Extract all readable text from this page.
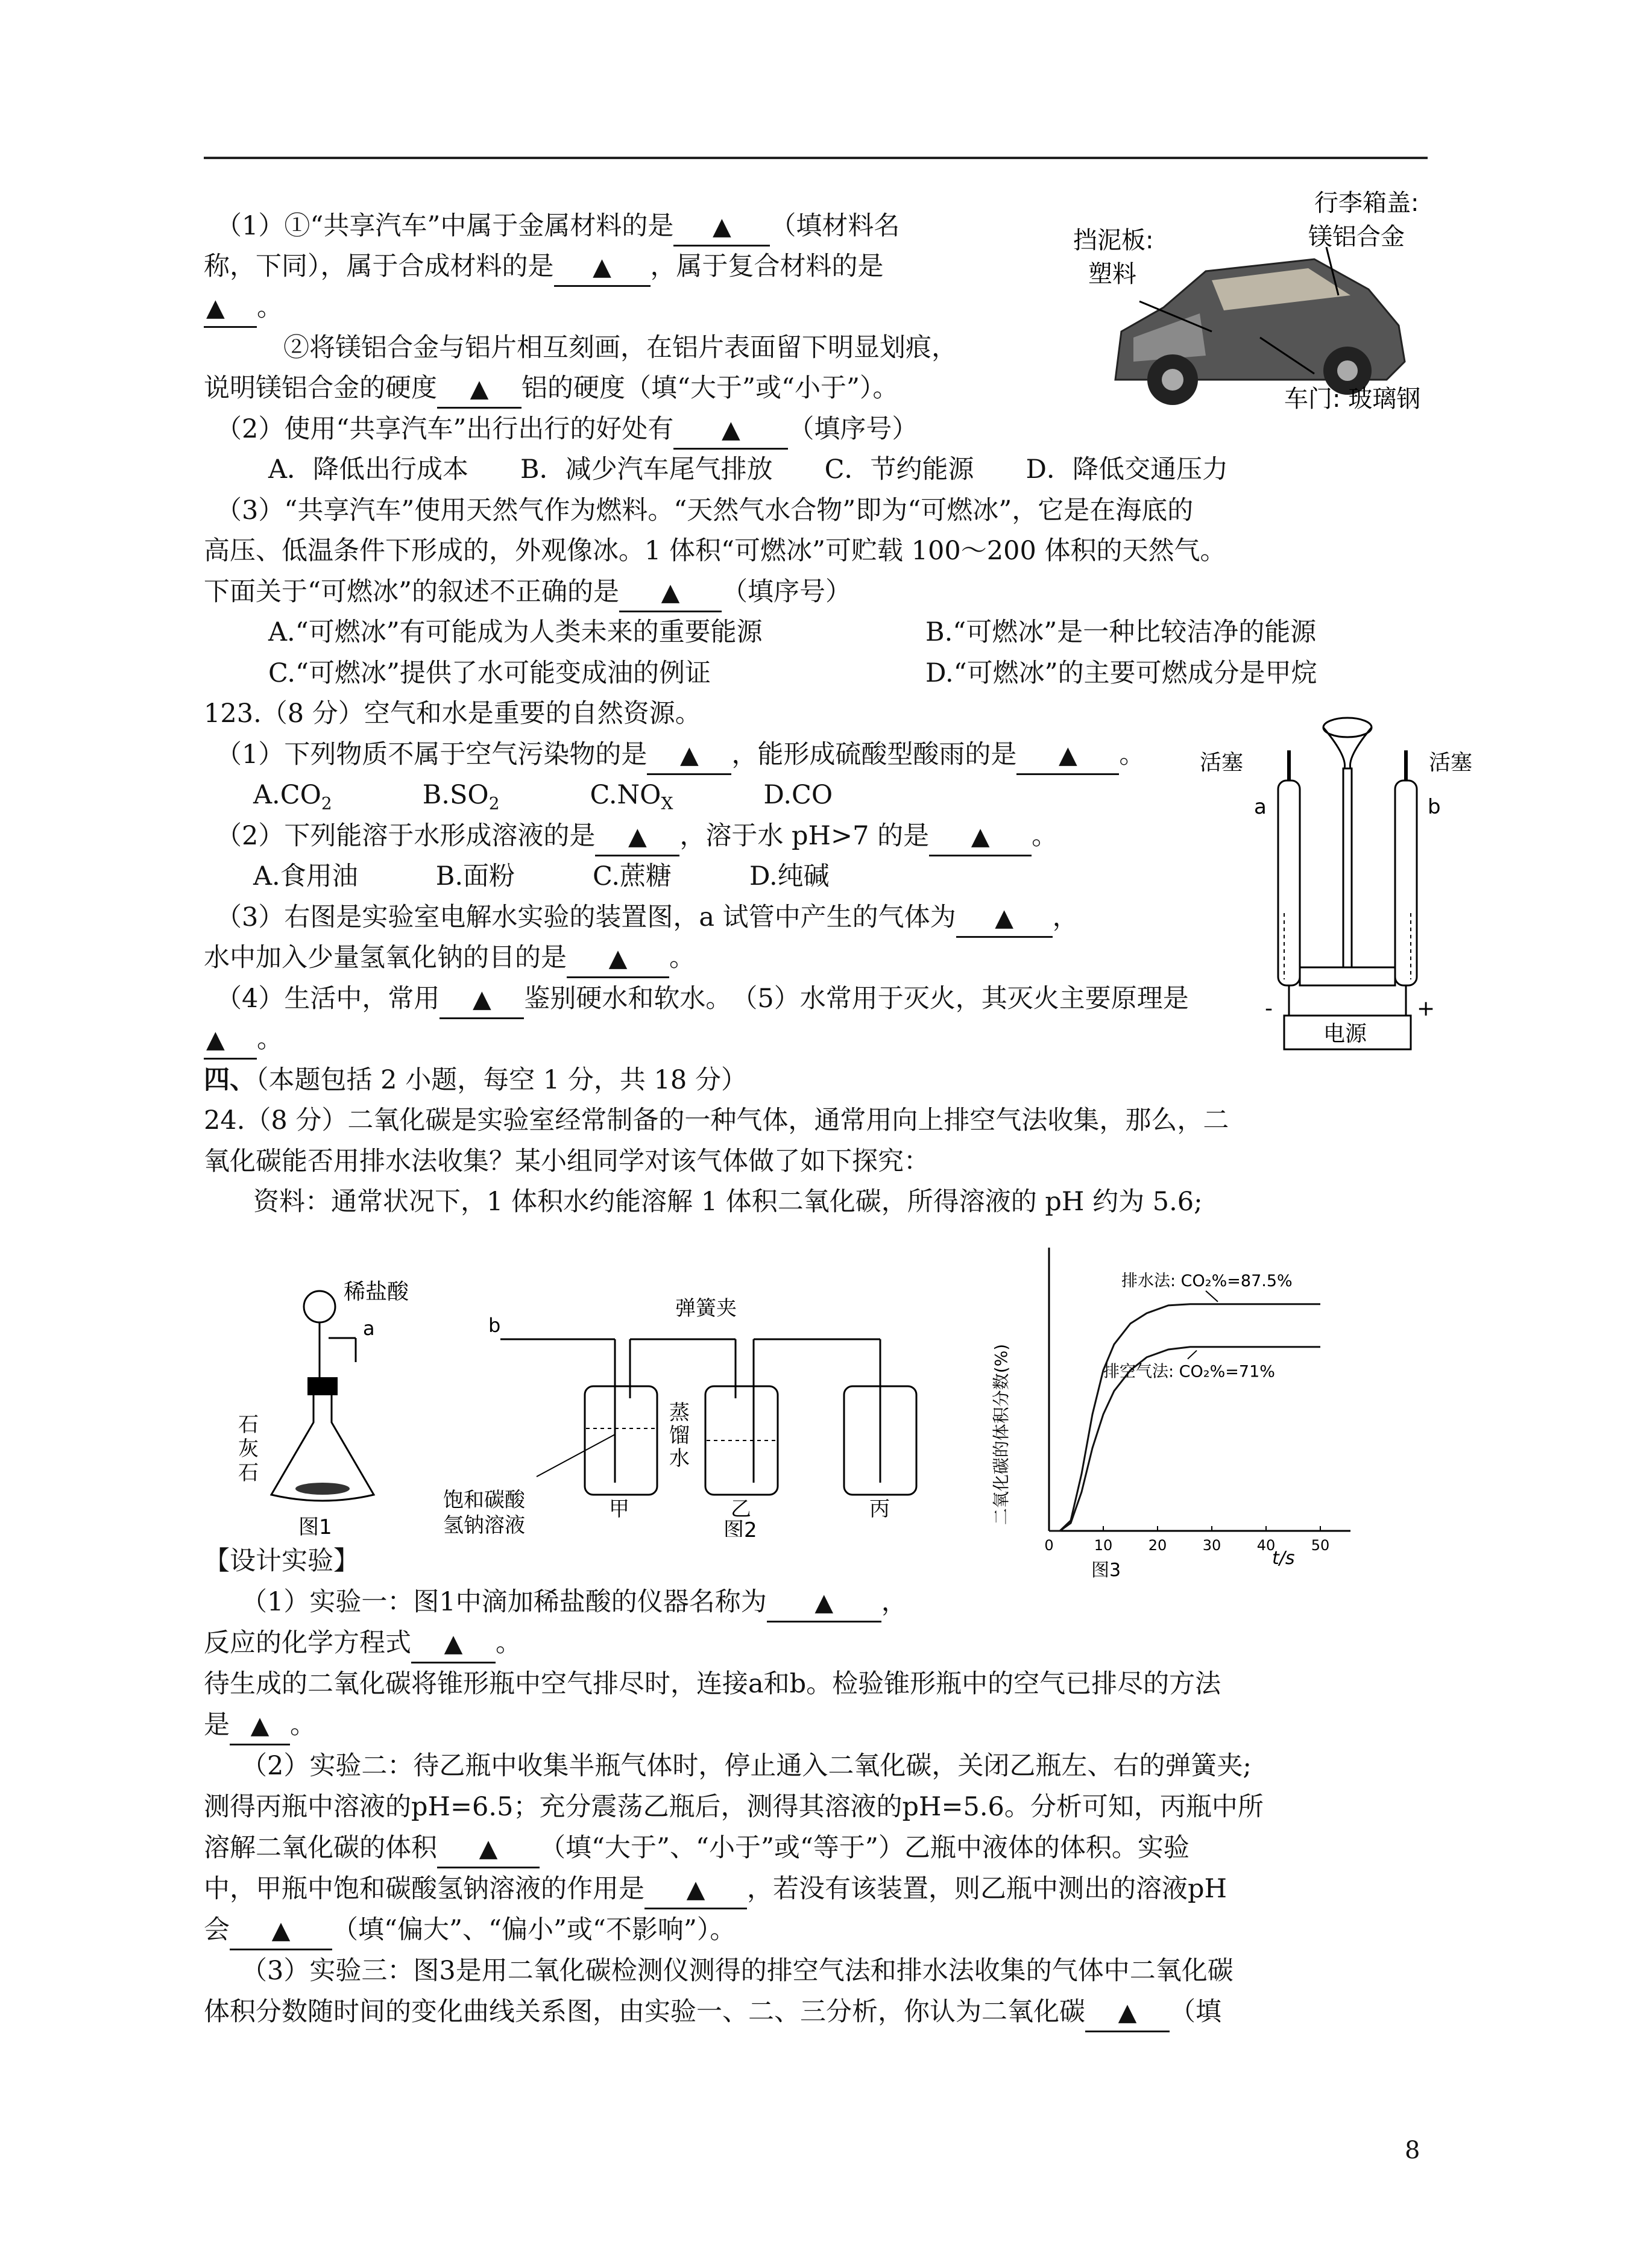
（1）①“共享汽车”中属于金属材料的是 ▲ （填材料名
称，下同），属于合成材料的是 ▲ ，属于复合材料的是
▲ 。
②将镁铝合金与铝片相互刻画，在铝片表面留下明显划痕，
说明镁铝合金的硬度 ▲ 铝的硬度（填“大于”或“小于”）。
（2）使用“共享汽车”出行出行的好处有 ▲ （填序号）
A．降低出行成本　　B．减少汽车尾气排放　　C．节约能源　　D．降低交通压力
（3）“共享汽车”使用天然气作为燃料。“天然气水合物”即为“可燃冰”，它是在海底的
高压、低温条件下形成的，外观像冰。1 体积“可燃冰”可贮载 100～200 体积的天然气。
下面关于“可燃冰”的叙述不正确的是 ▲ （填序号）
A.“可燃冰”有可能成为人类未来的重要能源	B.“可燃冰”是一种比较洁净的能源
C.“可燃冰”提供了水可能变成油的例证	D.“可燃冰”的主要可燃成分是甲烷
123.（8 分）空气和水是重要的自然资源。
（1）下列物质不属于空气污染物的是 ▲ ，能形成硫酸型酸雨的是 ▲ 。
$A.CO_2$	$B.SO_2$	$C.NO_X$	D.CO
（2）下列能溶于水形成溶液的是 ▲ ，溶于水 pH>7 的是 ▲ 。
A.食用油　　　B.面粉　　　C.蔗糖　　　D.纯碱
（3）右图是实验室电解水实验的装置图，a 试管中产生的气体为 ▲ ，
水中加入少量氢氧化钠的目的是 ▲ 。
（4）生活中，常用 ▲ 鉴别硬水和软水。　（5）水常用于灭火，其灭火主要原理是
▲ 。
四、（本题包括 2 小题，每空 1 分，共 18 分）
24.（8 分）二氧化碳是实验室经常制备的一种气体，通常用向上排空气法收集，那么，二
氧化碳能否用排水法收集？某小组同学对该气体做了如下探究：
资料：通常状况下，1 体积水约能溶解 1 体积二氧化碳，所得溶液的 pH 约为 5.6;
【设计实验】
（1）实验一：图1中滴加稀盐酸的仪器名称为 ▲ ，
反应的化学方程式 ▲ 。
待生成的二氧化碳将锥形瓶中空气排尽时，连接a和b。检验锥形瓶中的空气已排尽的方法
是 ▲ 。
（2）实验二：待乙瓶中收集半瓶气体时，停止通入二氧化碳，关闭乙瓶左、右的弹簧夹;
测得丙瓶中溶液的pH=6.5；充分震荡乙瓶后，测得其溶液的pH=5.6。分析可知，丙瓶中所
溶解二氧化碳的体积 ▲ （填“大于”、“小于”或“等于”）乙瓶中液体的体积。实验
中，甲瓶中饱和碳酸氢钠溶液的作用是 ▲ ，若没有该装置，则乙瓶中测出的溶液pH
会 ▲ （填“偏大”、“偏小”或“不影响”）。
（3）实验三：图3是用二氧化碳检测仪测得的排空气法和排水法收集的气体中二氧化碳
体积分数随时间的变化曲线关系图，由实验一、二、三分析，你认为二氧化碳 ▲ （填
8
行李箱盖:
镁铝合金
挡泥板:
塑料
车门: 玻璃钢
活塞	活塞
a	b
-	+
电源
稀盐酸
a
石
灰
石
图1
b
弹簧夹
蒸
馏
水
饱和碳酸
氢钠溶液
甲	乙	丙
图2
二氧化碳的体积分数(%)
t/s
图3
0	10 20 30 40 50
排水法: CO₂%=87.5%
排空气法: CO₂%=71%
